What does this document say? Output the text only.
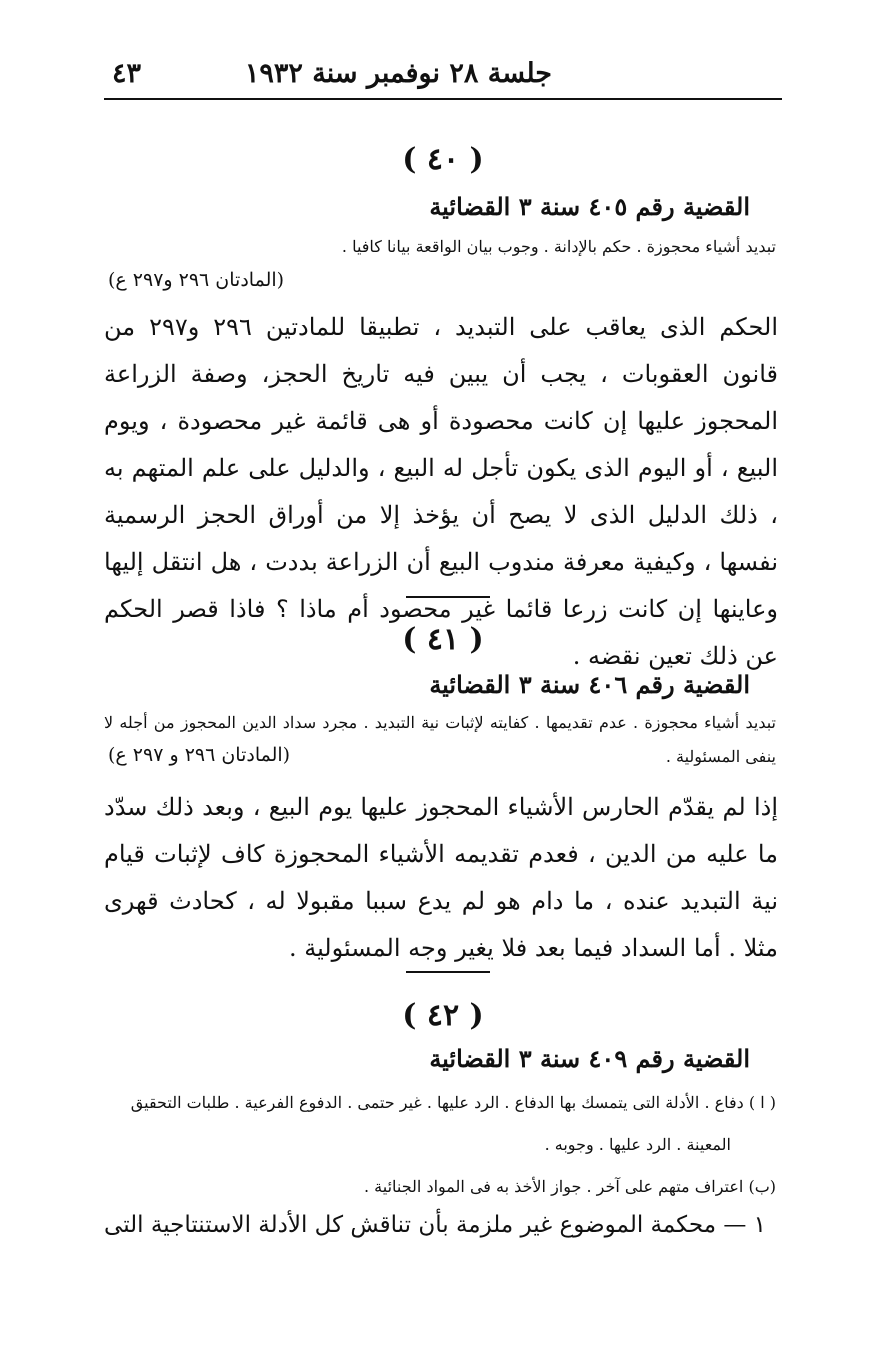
جلسة ٢٨ نوفمبر سنة ١٩٣٢
٤٣
( ٤٠ )
القضية رقم ٤٠٥ سنة ٣ القضائية
تبديد أشياء محجوزة . حكم بالإدانة . وجوب بيان الواقعة بيانا كافيا .
(المادتان ٢٩٦ و٢٩٧ ع)
الحكم الذى يعاقب على التبديد ، تطبيقا للمادتين ٢٩٦ و٢٩٧ من قانون العقوبات ، يجب أن يبين فيه تاريخ الحجز، وصفة الزراعة المحجوز عليها إن كانت محصودة أو هى قائمة غير محصودة ، ويوم البيع ، أو اليوم الذى يكون تأجل له البيع ، والدليل على علم المتهم به ، ذلك الدليل الذى لا يصح أن يؤخذ إلا من أوراق الحجز الرسمية نفسها ، وكيفية معرفة مندوب البيع أن الزراعة بددت ، هل انتقل إليها وعاينها إن كانت زرعا قائما غير محصود أم ماذا ؟ فاذا قصر الحكم عن ذلك تعين نقضه .
( ٤١ )
القضية رقم ٤٠٦ سنة ٣ القضائية
تبديد أشياء محجوزة . عدم تقديمها . كفايته لإثبات نية التبديد . مجرد سداد الدين المحجوز من أجله لا ينفى المسئولية .
(المادتان ٢٩٦ و ٢٩٧ ع)
إذا لم يقدّم الحارس الأشياء المحجوز عليها يوم البيع ، وبعد ذلك سدّد ما عليه من الدين ، فعدم تقديمه الأشياء المحجوزة كاف لإثبات قيام نية التبديد عنده ، ما دام هو لم يدع سببا مقبولا له ، كحادث قهرى مثلا . أما السداد فيما بعد فلا يغير وجه المسئولية .
( ٤٢ )
القضية رقم ٤٠٩ سنة ٣ القضائية
( ا ) دفاع . الأدلة التى يتمسك بها الدفاع . الرد عليها . غير حتمى . الدفوع الفرعية . طلبات التحقيق
المعينة . الرد عليها . وجوبه .
(ب) اعتراف متهم على آخر . جواز الأخذ به فى المواد الجنائية .
١ — محكمة الموضوع غير ملزمة بأن تناقش كل الأدلة الاستنتاجية التى
